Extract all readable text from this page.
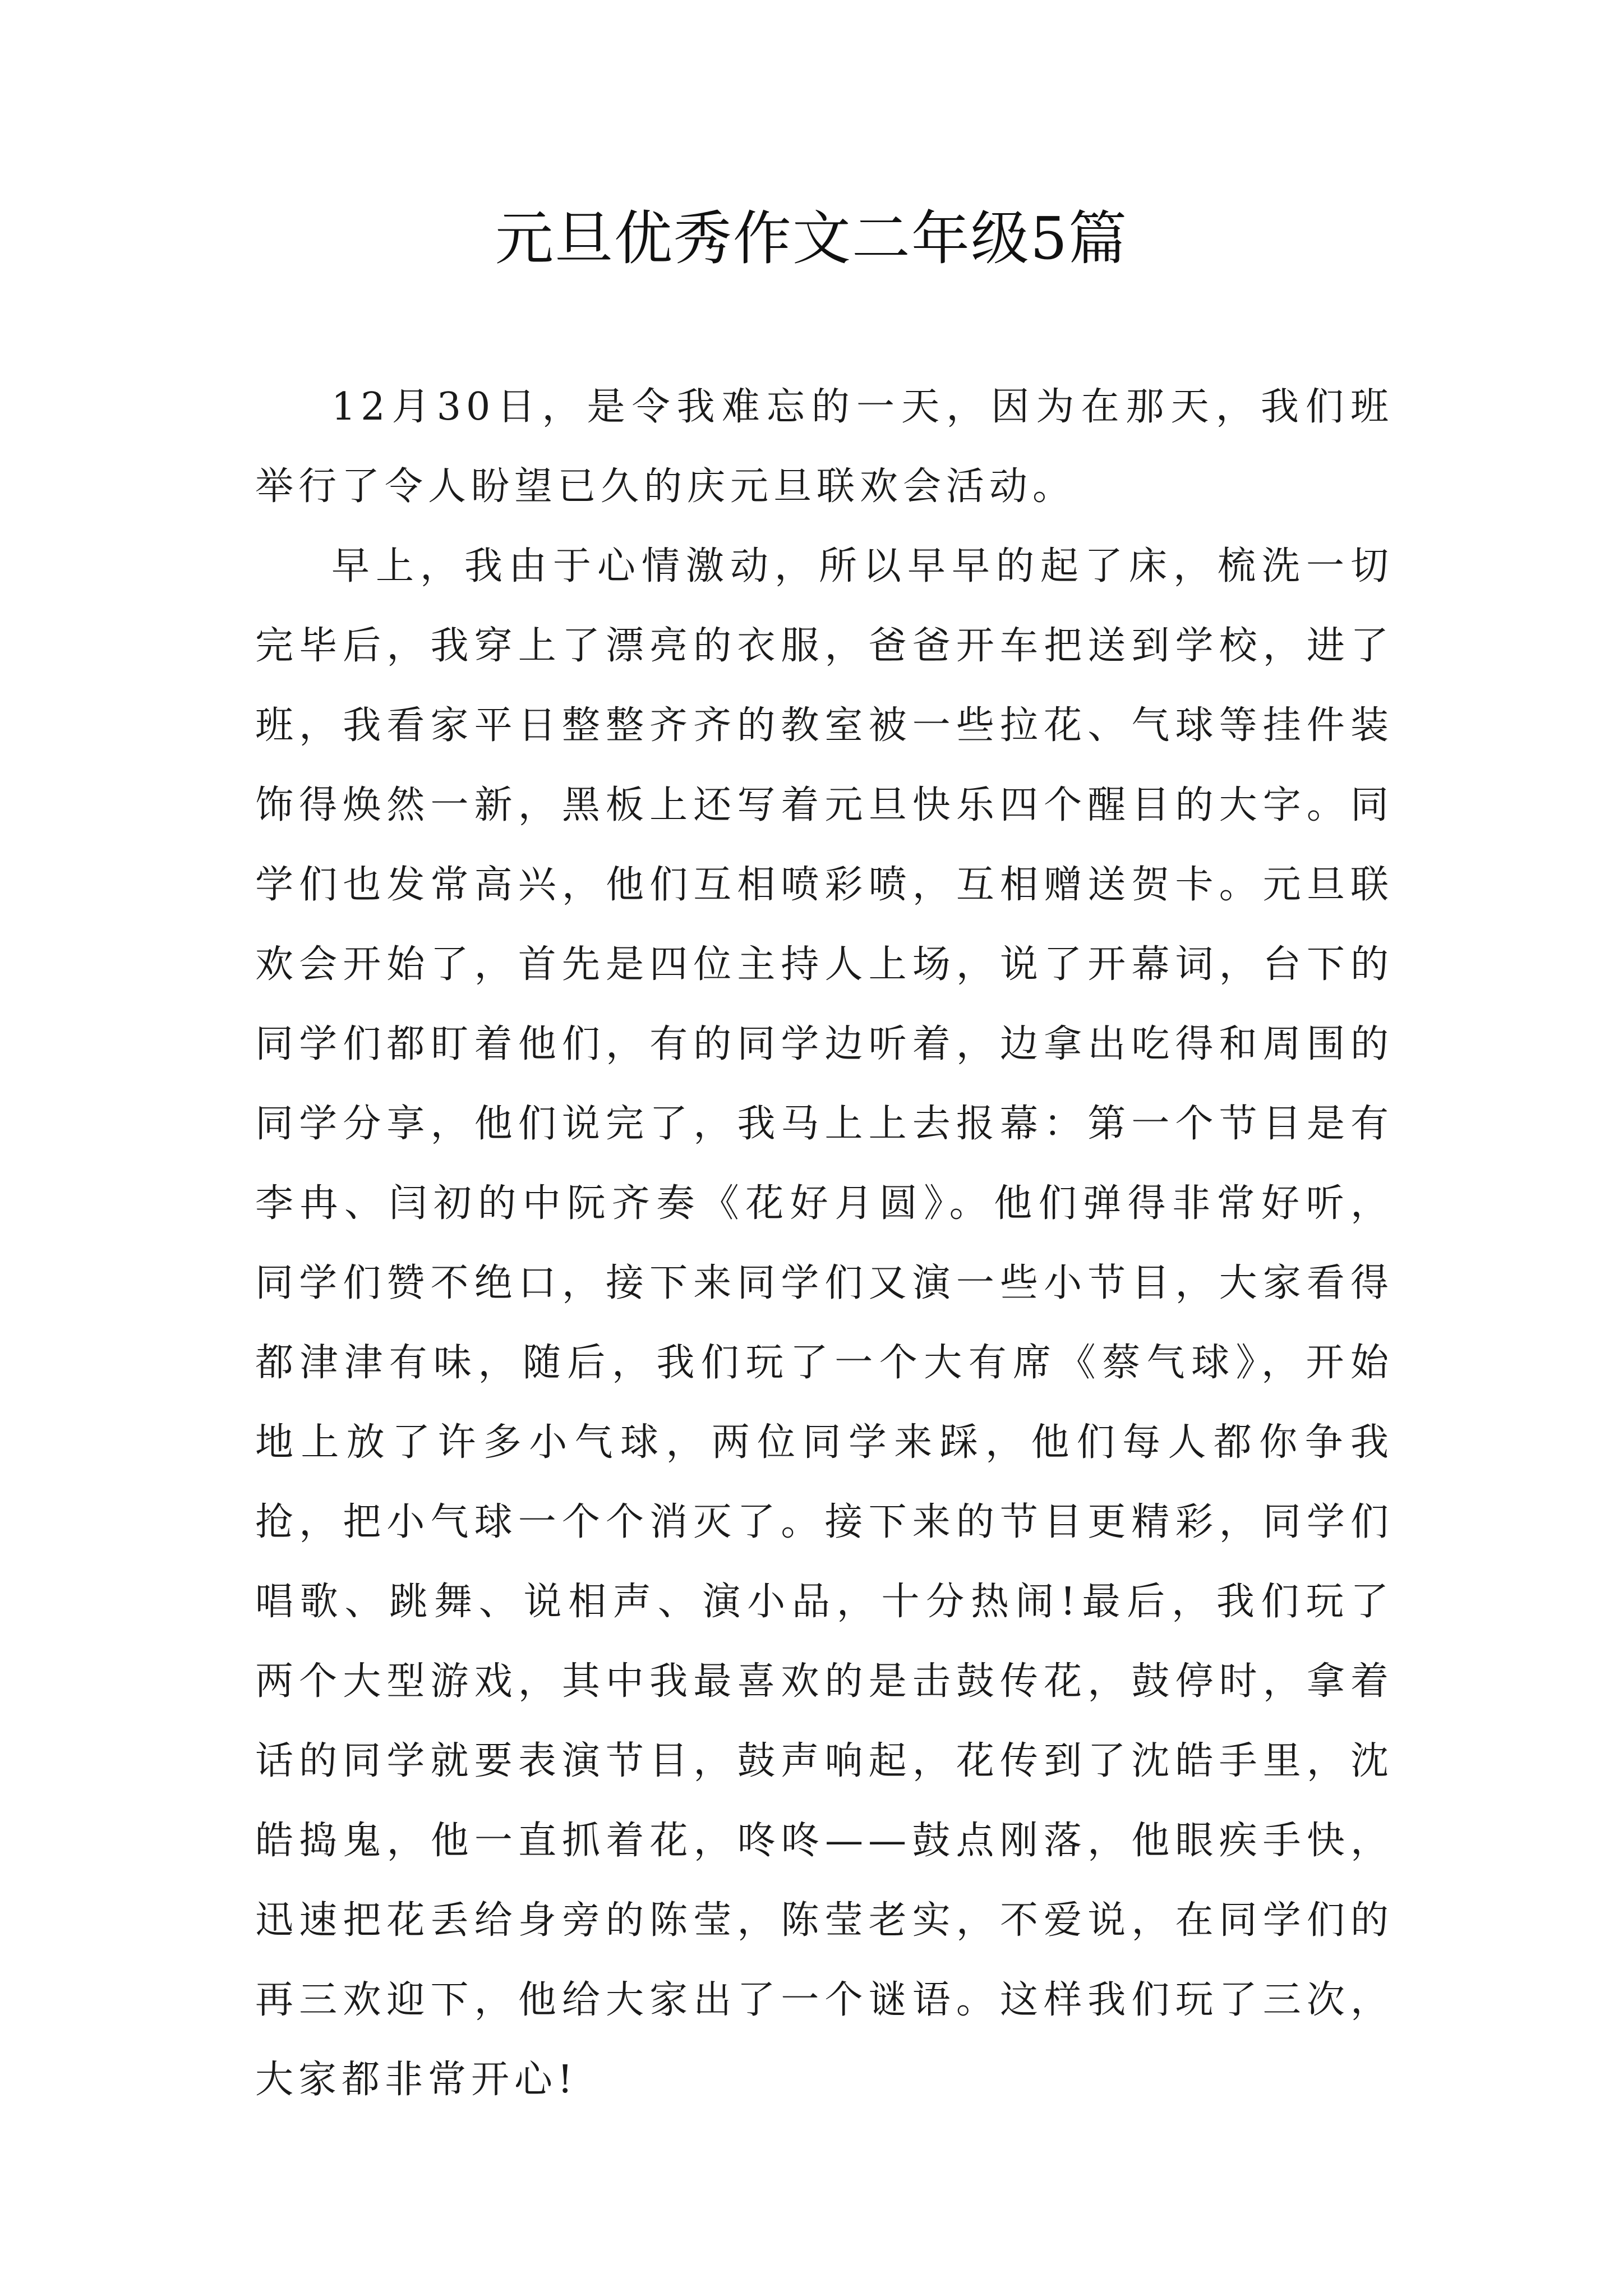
元旦优秀作文二年级5篇

12月30日，是令我难忘的一天，因为在那天，我们班举行了令人盼望已久的庆元旦联欢会活动。

早上，我由于心情激动，所以早早的起了床，梳洗一切完毕后，我穿上了漂亮的衣服，爸爸开车把送到学校，进了班，我看家平日整整齐齐的教室被一些拉花、气球等挂件装饰得焕然一新，黑板上还写着元旦快乐四个醒目的大字。同学们也发常高兴，他们互相喷彩喷，互相赠送贺卡。元旦联欢会开始了，首先是四位主持人上场，说了开幕词，台下的同学们都盯着他们，有的同学边听着，边拿出吃得和周围的同学分享，他们说完了，我马上上去报幕：第一个节目是有李冉、闫初的中阮齐奏《花好月圆》。他们弹得非常好听，同学们赞不绝口，接下来同学们又演一些小节目，大家看得都津津有味，随后，我们玩了一个大有席《蔡气球》，开始地上放了许多小气球，两位同学来踩，他们每人都你争我抢，把小气球一个个消灭了。接下来的节目更精彩，同学们唱歌、跳舞、说相声、演小品，十分热闹!最后，我们玩了两个大型游戏，其中我最喜欢的是击鼓传花，鼓停时，拿着话的同学就要表演节目，鼓声响起，花传到了沈皓手里，沈皓捣鬼，他一直抓着花，咚咚——鼓点刚落，他眼疾手快，迅速把花丢给身旁的陈莹，陈莹老实，不爱说，在同学们的再三欢迎下，他给大家出了一个谜语。这样我们玩了三次，大家都非常开心!
